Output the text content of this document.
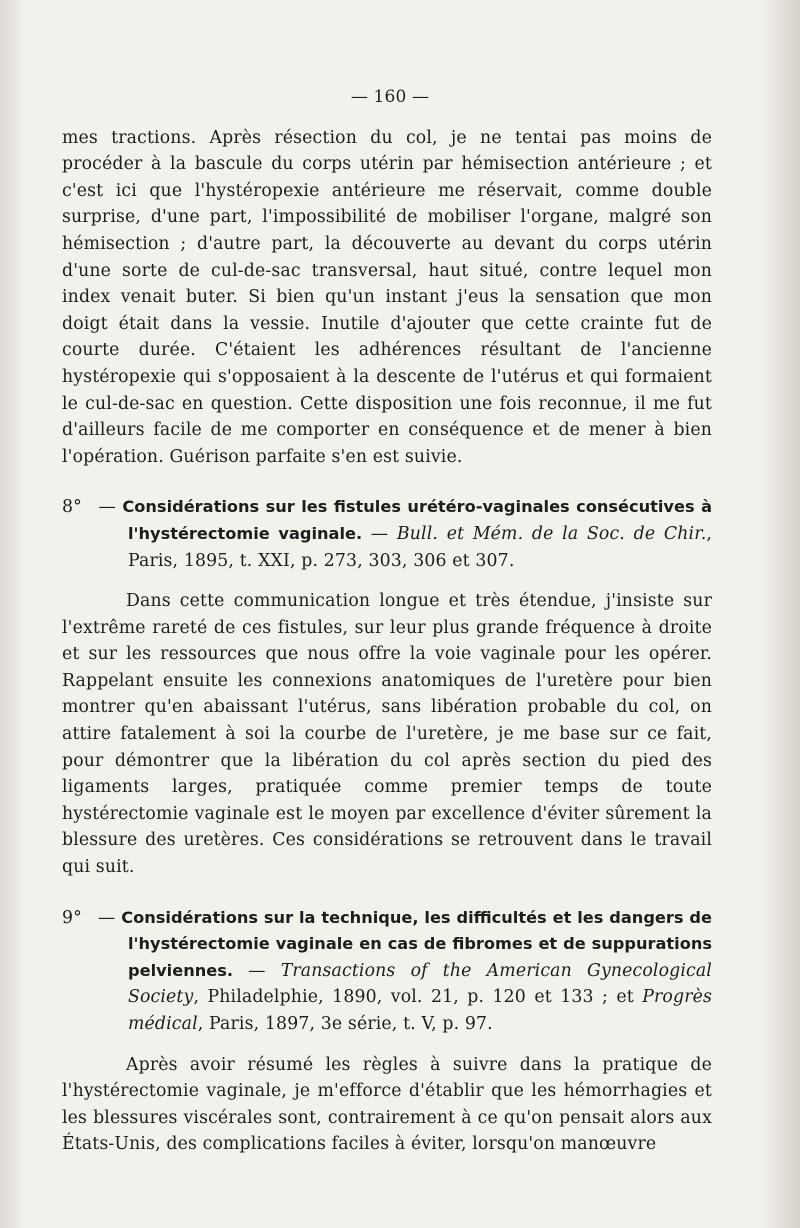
— 160 —

mes tractions. Après résection du col, je ne tentai pas moins de procéder à la bascule du corps utérin par hémisection antérieure ; et c'est ici que l'hystéropexie antérieure me réservait, comme double surprise, d'une part, l'impossibilité de mobiliser l'organe, malgré son hémisection ; d'autre part, la découverte au devant du corps utérin d'une sorte de cul-de-sac transversal, haut situé, contre lequel mon index venait buter. Si bien qu'un instant j'eus la sensation que mon doigt était dans la vessie. Inutile d'ajouter que cette crainte fut de courte durée. C'étaient les adhérences résultant de l'ancienne hystéropexie qui s'opposaient à la descente de l'utérus et qui formaient le cul-de-sac en question. Cette disposition une fois reconnue, il me fut d'ailleurs facile de me comporter en conséquence et de mener à bien l'opération. Guérison parfaite s'en est suivie.

8° — Considérations sur les fistules urétéro-vaginales consécutives à l'hystérectomie vaginale. — Bull. et Mém. de la Soc. de Chir., Paris, 1895, t. XXI, p. 273, 303, 306 et 307.

Dans cette communication longue et très étendue, j'insiste sur l'extrême rareté de ces fistules, sur leur plus grande fréquence à droite et sur les ressources que nous offre la voie vaginale pour les opérer. Rappelant ensuite les connexions anatomiques de l'uretère pour bien montrer qu'en abaissant l'utérus, sans libération probable du col, on attire fatalement à soi la courbe de l'uretère, je me base sur ce fait, pour démontrer que la libération du col après section du pied des ligaments larges, pratiquée comme premier temps de toute hystérectomie vaginale est le moyen par excellence d'éviter sûrement la blessure des uretères. Ces considérations se retrouvent dans le travail qui suit.

9° — Considérations sur la technique, les difficultés et les dangers de l'hystérectomie vaginale en cas de fibromes et de suppurations pelviennes. — Transactions of the American Gynecological Society, Philadelphie, 1890, vol. 21, p. 120 et 133 ; et Progrès médical, Paris, 1897, 3e série, t. V, p. 97.

Après avoir résumé les règles à suivre dans la pratique de l'hystérectomie vaginale, je m'efforce d'établir que les hémorrhagies et les blessures viscérales sont, contrairement à ce qu'on pensait alors aux États-Unis, des complications faciles à éviter, lorsqu'on manœuvre
